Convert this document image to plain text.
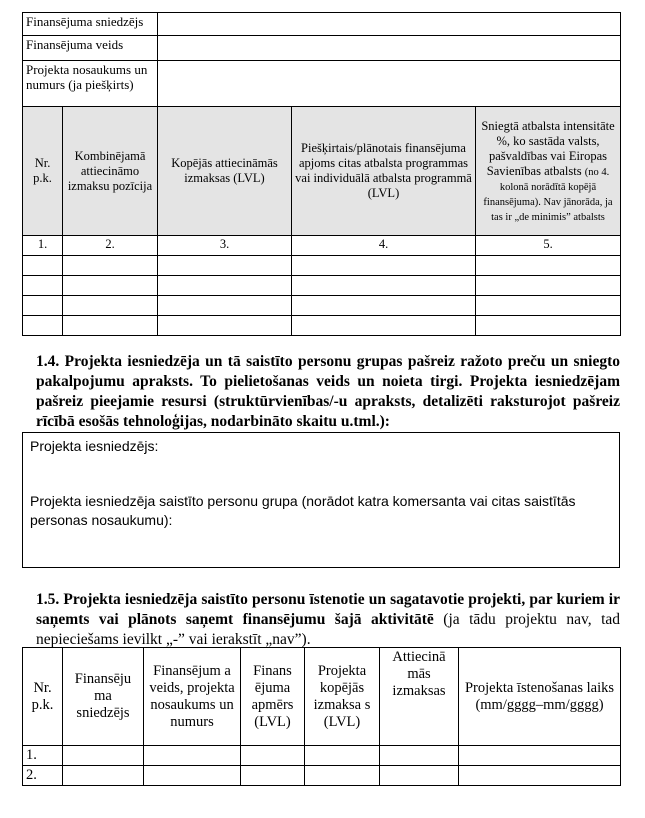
Finansējuma sniedzējs				
Finansējuma veids				
Projekta nosaukums un numurs (ja piešķirts)				
Nr. p.k.	Kombinējamā attiecināmo izmaksu pozīcija	Kopējās attiecināmās izmaksas (LVL)	Piešķirtais/plānotais finansējuma apjoms citas atbalsta programmas vai individuālā atbalsta programmā (LVL)	Sniegtā atbalsta intensitāte %, ko sastāda valsts, pašvaldības vai Eiropas Savienības atbalsts (no 4. kolonā norādītā kopējā finansējuma). Nav jānorāda, ja tas ir „de minimis” atbalsts
1.	2.	3.	4.	5.

1.4. Projekta iesniedzēja un tā saistīto personu grupas pašreiz ražoto preču un sniegto pakalpojumu apraksts. To pielietošanas veids un noieta tirgi. Projekta iesniedzējam pašreiz pieejamie resursi (struktūrvienības/-u apraksts, detalizēti raksturojot pašreiz rīcībā esošās tehnoloģijas, nodarbināto skaitu u.tml.):
Projekta iesniedzējs:
Projekta iesniedzēja saistīto personu grupa (norādot katra komersanta vai citas saistītās personas nosaukumu):
1.5. Projekta iesniedzēja saistīto personu īstenotie un sagatavotie projekti, par kuriem ir saņemts vai plānots saņemt finansējumu šajā aktivitātē (ja tādu projektu nav, tad nepieciešams ievilkt „-” vai ierakstīt „nav”).
Nr. p.k.	Finansēju ma sniedzējs	Finansējum a veids, projekta nosaukums un numurs	Finans ējuma apmērs (LVL)	Projekta kopējās izmaksa s (LVL)	Attiecinā mās izmaksas	Projekta īstenošanas laiks (mm/gggg–mm/gggg)
1.						
2.						
